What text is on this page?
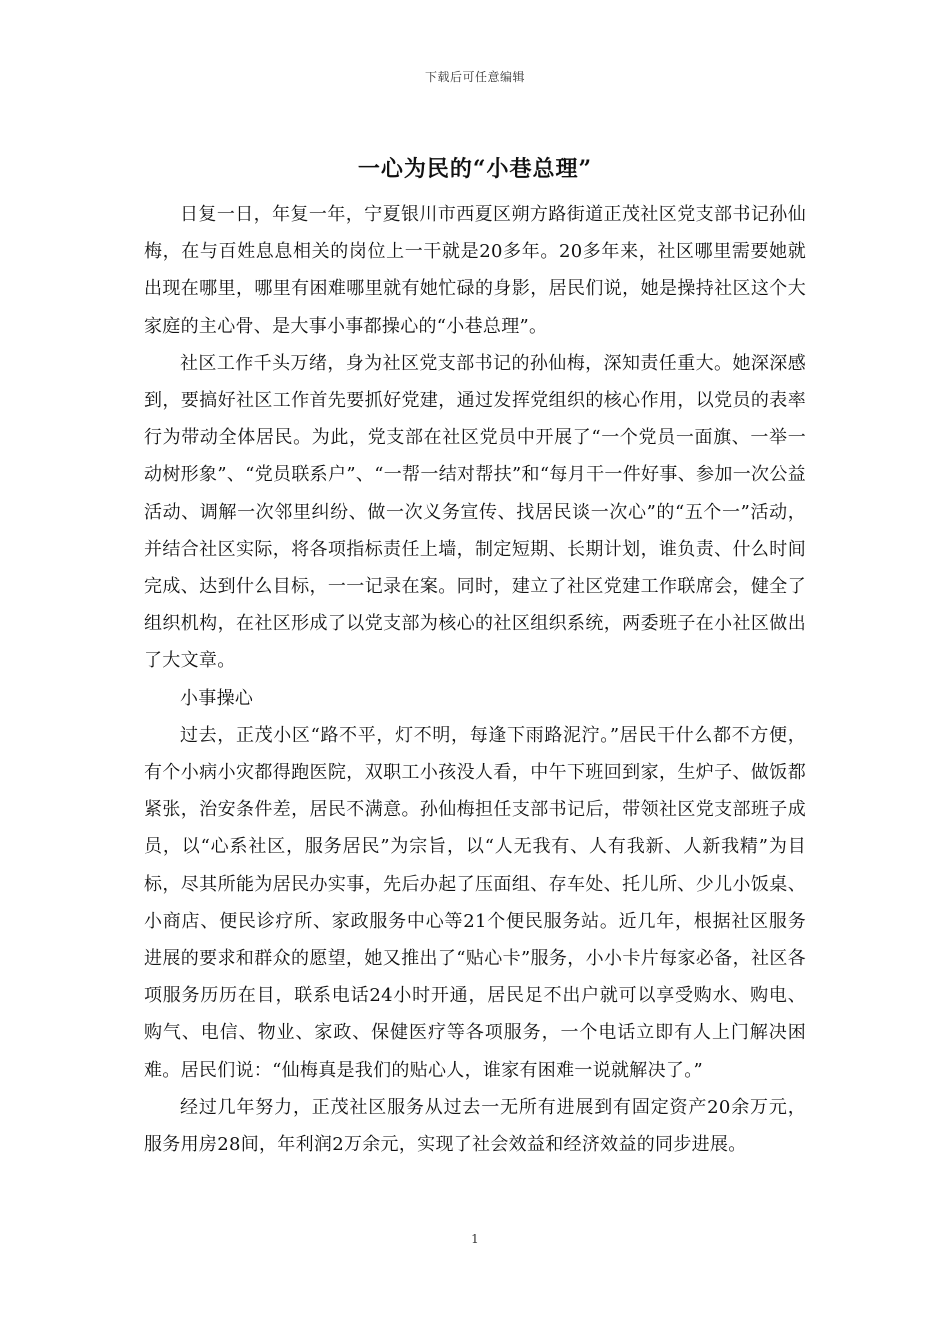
下载后可任意编辑
一心为民的“小巷总理”

日复一日，年复一年，宁夏银川市西夏区朔方路街道正茂社区党支部书记孙仙梅，在与百姓息息相关的岗位上一干就是20多年。20多年来，社区哪里需要她就出现在哪里，哪里有困难哪里就有她忙碌的身影，居民们说，她是操持社区这个大家庭的主心骨、是大事小事都操心的“小巷总理”。

社区工作千头万绪，身为社区党支部书记的孙仙梅，深知责任重大。她深深感到，要搞好社区工作首先要抓好党建，通过发挥党组织的核心作用，以党员的表率行为带动全体居民。为此，党支部在社区党员中开展了“一个党员一面旗、一举一动树形象”、“党员联系户”、“一帮一结对帮扶”和“每月干一件好事、参加一次公益活动、调解一次邻里纠纷、做一次义务宣传、找居民谈一次心”的“五个一”活动，并结合社区实际，将各项指标责任上墙，制定短期、长期计划，谁负责、什么时间完成、达到什么目标，一一记录在案。同时，建立了社区党建工作联席会，健全了组织机构，在社区形成了以党支部为核心的社区组织系统，两委班子在小社区做出了大文章。

小事操心

过去，正茂小区“路不平，灯不明，每逢下雨路泥泞。”居民干什么都不方便，有个小病小灾都得跑医院，双职工小孩没人看，中午下班回到家，生炉子、做饭都紧张，治安条件差，居民不满意。孙仙梅担任支部书记后，带领社区党支部班子成员，以“心系社区，服务居民”为宗旨，以“人无我有、人有我新、人新我精”为目标，尽其所能为居民办实事，先后办起了压面组、存车处、托儿所、少儿小饭桌、小商店、便民诊疗所、家政服务中心等21个便民服务站。近几年，根据社区服务进展的要求和群众的愿望，她又推出了“贴心卡”服务，小小卡片每家必备，社区各项服务历历在目，联系电话24小时开通，居民足不出户就可以享受购水、购电、购气、电信、物业、家政、保健医疗等各项服务，一个电话立即有人上门解决困难。居民们说：“仙梅真是我们的贴心人，谁家有困难一说就解决了。”

经过几年努力，正茂社区服务从过去一无所有进展到有固定资产20余万元，服务用房28间，年利润2万余元，实现了社会效益和经济效益的同步进展。

1
